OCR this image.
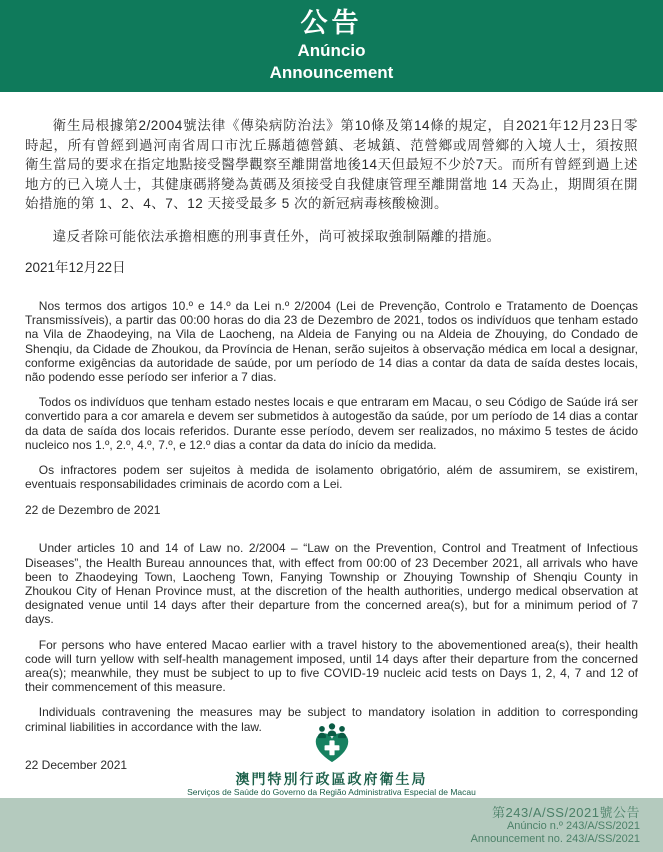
公告
Anúncio
Announcement

衛生局根據第2/2004號法律《傳染病防治法》第10條及第14條的規定，自2021年12月23日零時起，所有曾經到過河南省周口市沈丘縣趙德營鎮、老城鎮、范營鄉或周營鄉的入境人士，須按照衛生當局的要求在指定地點接受醫學觀察至離開當地後14天但最短不少於7天。而所有曾經到過上述地方的已入境人士，其健康碼將變為黃碼及須接受自我健康管理至離開當地 14 天為止，期間須在開始措施的第 1、2、4、7、12 天接受最多 5 次的新冠病毒核酸檢測。

違反者除可能依法承擔相應的刑事責任外，尚可被採取強制隔離的措施。

2021年12月22日

Nos termos dos artigos 10.º e 14.º da Lei n.º 2/2004 (Lei de Prevenção, Controlo e Tratamento de Doenças Transmissíveis), a partir das 00:00 horas do dia 23 de Dezembro de 2021, todos os indivíduos que tenham estado na Vila de Zhaodeying, na Vila de Laocheng, na Aldeia de Fanying ou na Aldeia de Zhouying, do Condado de Shenqiu, da Cidade de Zhoukou, da Província de Henan, serão sujeitos à observação médica em local a designar, conforme exigências da autoridade de saúde, por um período de 14 dias a contar da data de saída destes locais, não podendo esse período ser inferior a 7 dias.

Todos os indivíduos que tenham estado nestes locais e que entraram em Macau, o seu Código de Saúde irá ser convertido para a cor amarela e devem ser submetidos à autogestão da saúde, por um período de 14 dias a contar da data de saída dos locais referidos. Durante esse período, devem ser realizados, no máximo 5 testes de ácido nucleico nos 1.º, 2.º, 4.º, 7.º, e 12.º dias a contar da data do início da medida.

Os infractores podem ser sujeitos à medida de isolamento obrigatório, além de assumirem, se existirem, eventuais responsabilidades criminais de acordo com a Lei.

22 de Dezembro de 2021

Under articles 10 and 14 of Law no. 2/2004 – “Law on the Prevention, Control and Treatment of Infectious Diseases”, the Health Bureau announces that, with effect from 00:00 of 23 December 2021, all arrivals who have been to Zhaodeying Town, Laocheng Town, Fanying Township or Zhouying Township of Shenqiu County in Zhoukou City of Henan Province must, at the discretion of the health authorities, undergo medical observation at designated venue until 14 days after their departure from the concerned area(s), but for a minimum period of 7 days.

For persons who have entered Macao earlier with a travel history to the abovementioned area(s), their health code will turn yellow with self-health management imposed, until 14 days after their departure from the concerned area(s); meanwhile, they must be subject to up to five COVID-19 nucleic acid tests on Days 1, 2, 4, 7 and 12 of their commencement of this measure.

Individuals contravening the measures may be subject to mandatory isolation in addition to corresponding criminal liabilities in accordance with the law.

22 December 2021

澳門特別行政區政府衛生局
Serviços de Saúde do Governo da Região Administrativa Especial de Macau
第243/A/SS/2021號公告
Anúncio n.º 243/A/SS/2021
Announcement no. 243/A/SS/2021
